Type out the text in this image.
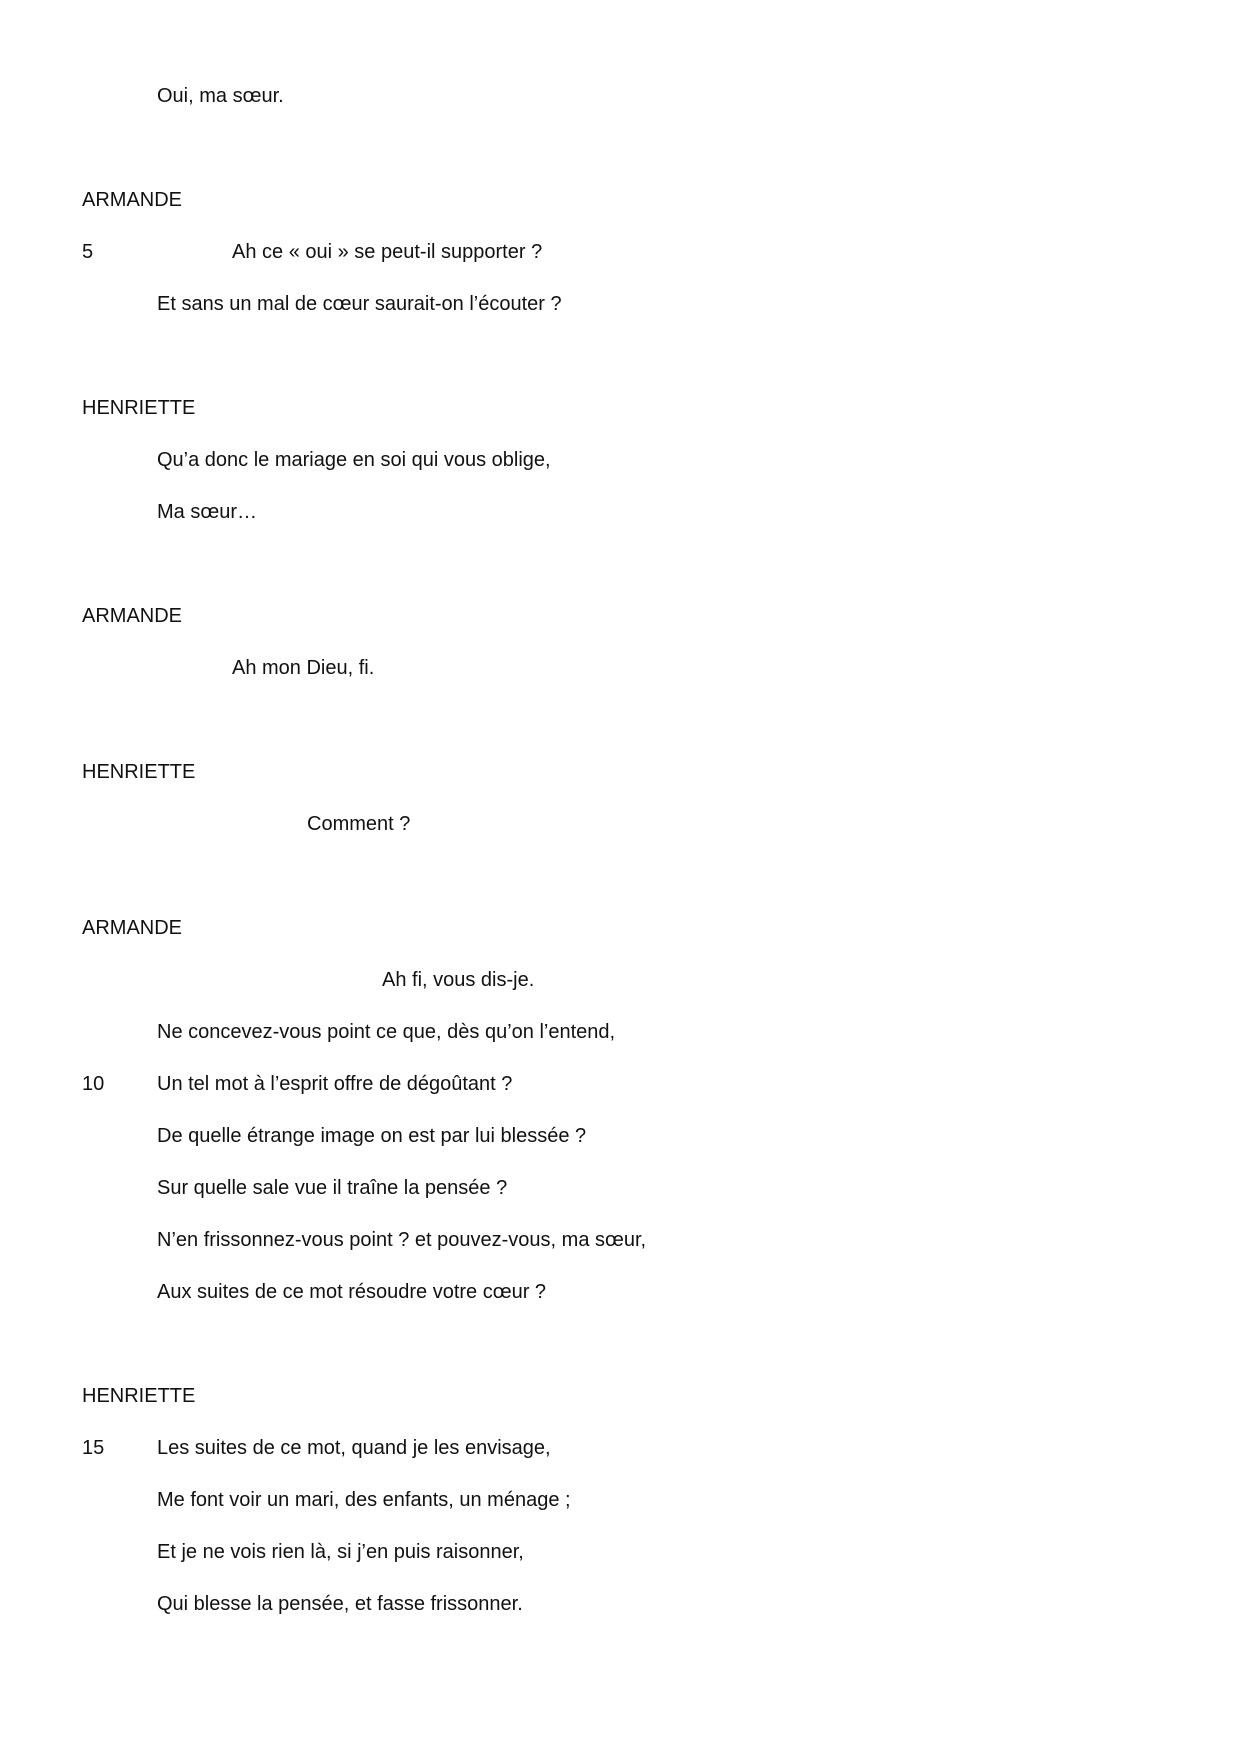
Oui, ma sœur.
ARMANDE
5	Ah ce « oui » se peut-il supporter ?
Et sans un mal de cœur saurait-on l’écouter ?
HENRIETTE
Qu’a donc le mariage en soi qui vous oblige,
Ma sœur…
ARMANDE
Ah mon Dieu, fi.
HENRIETTE
Comment ?
ARMANDE
Ah fi, vous dis-je.
Ne concevez-vous point ce que, dès qu’on l’entend,
10	Un tel mot à l’esprit offre de dégoûtant ?
De quelle étrange image on est par lui blessée ?
Sur quelle sale vue il traîne la pensée ?
N’en frissonnez-vous point ? et pouvez-vous, ma sœur,
Aux suites de ce mot résoudre votre cœur ?
HENRIETTE
15	Les suites de ce mot, quand je les envisage,
Me font voir un mari, des enfants, un ménage ;
Et je ne vois rien là, si j’en puis raisonner,
Qui blesse la pensée, et fasse frissonner.
